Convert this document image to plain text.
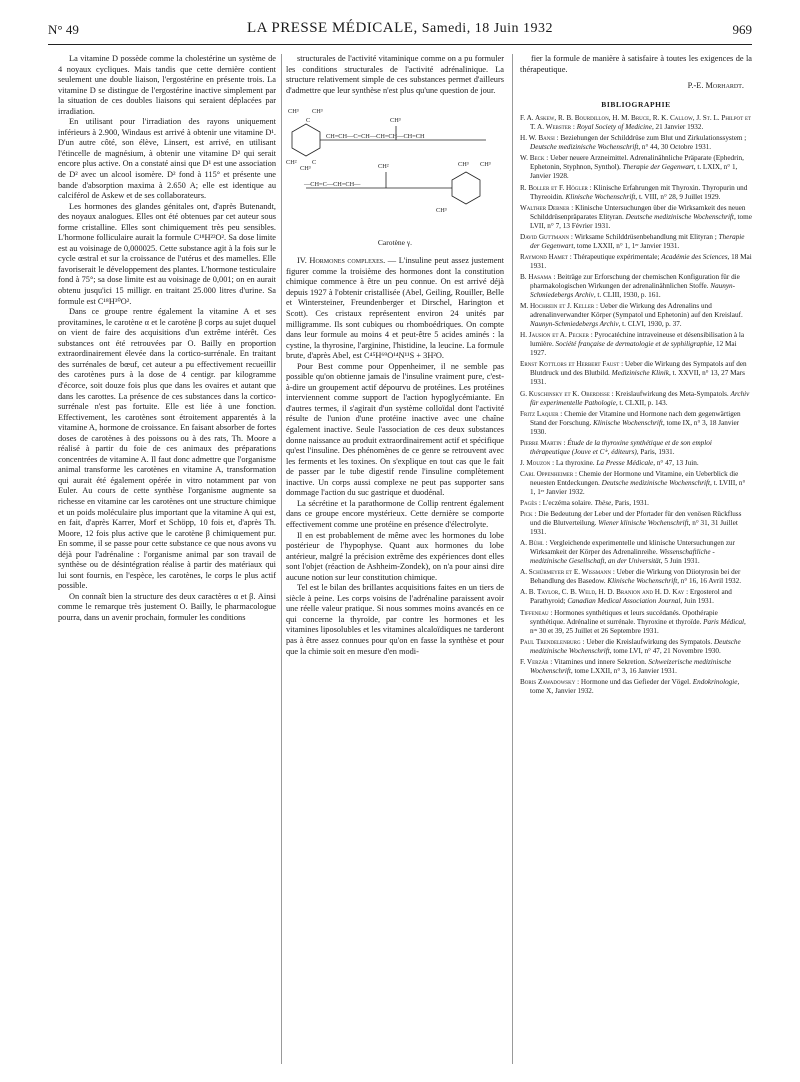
N° 49	LA PRESSE MÉDICALE, Samedi, 18 Juin 1932	969

La vitamine D possède comme la cholestérine un système de 4 noyaux cycliques. Mais tandis que cette dernière contient seulement une double liaison, l'ergostérine en présente trois. La vitamine D se distingue de l'ergostérine inactive simplement par la situation de ces doubles liaisons qui seraient déplacées par irradiation.

En utilisant pour l'irradiation des rayons uniquement inférieurs à 2.900, Windaus est arrivé à obtenir une vitamine D¹. D'un autre côté, son élève, Linsert, est arrivé, en utilisant l'étincelle de magnésium, à obtenir une vitamine D² qui serait encore plus active. On a constaté ainsi que D¹ est une association de D² avec un alcool isomère. D² fond à 115° et présente une bande d'absorption maxima à 2.650 A; elle est identique au calciférol de Askew et de ses collaborateurs.

Les hormones des glandes génitales ont, d'après Butenandt, des noyaux analogues. Elles ont été obtenues par cet auteur sous forme cristalline. Elles sont chimiquement très peu sensibles. L'hormone folliculaire aurait la formule C¹⁸H²²O². Sa dose limite est au voisinage de 0,000025. Cette substance agit à la fois sur le cycle œstral et sur la croissance de l'utérus et des mamelles. Elle favoriserait le développement des plantes. L'hormone testiculaire fond à 75°; sa dose limite est au voisinage de 0,001; on en aurait obtenu jusqu'ici 15 milligr. en traitant 25.000 litres d'urine. Sa formule est C¹⁸H³⁰O².

Dans ce groupe rentre également la vitamine A et ses provitamines, le carotène α et le carotène β corps au sujet duquel on vient de faire des acquisitions d'un extrême intérêt. Ces substances ont été retrouvées par O. Bailly en proportion extraordinairement élevée dans la cortico-surrénale. En traitant des surrénales de bœuf, cet auteur a pu effectivement recueillir des carotènes purs à la dose de 4 centigr. par kilogramme d'écorce, soit douze fois plus que dans les ovaires et autant que dans les carottes. La présence de ces substances dans la cortico-surrénale n'est pas fortuite. Elle est liée à une fonction. Effectivement, les carotènes sont étroitement apparentés à la vitamine A, hormone de croissance. En faisant absorber de fortes doses de carotènes à des poissons ou à des rats, Th. Moore a réalisé à partir du foie de ces animaux des préparations concentrées de vitamine A. Il faut donc admettre que l'organisme animal transforme les carotènes en vitamine A, transformation qui aurait été également opérée in vitro notamment par von Euler. Au cours de cette synthèse l'organisme augmente sa richesse en vitamine car les carotènes ont une structure chimique et un poids moléculaire plus important que la vitamine A qui est, en fait, d'après Karrer, Morf et Schöpp, 10 fois et, d'après Th. Moore, 12 fois plus active que le carotène β chimiquement pur. En somme, il se passe pour cette substance ce que nous avons vu déjà pour l'adrénaline : l'organisme animal par son travail de synthèse ou de désintégration réalise à partir des matériaux qui lui sont fournis, en l'espèce, les carotènes, le corps le plus actif possible.

On connaît bien la structure des deux caractères α et β. Ainsi comme le remarque très justement O. Bailly, le pharmacologue pourra, dans un avenir prochain, formuler les conditions

structurales de l'activité vitaminique comme on a pu formuler les conditions structurales de l'activité adrénalinique. La structure relativement simple de ces substances permet d'ailleurs d'admettre que leur synthèse n'est plus qu'une question de jour.

CH³ CH³
C	CH³
CH=CH—C=CH—CH=CH—CH=CH
CH² C
CH³	CH²	CH³ CH³
—CH=C—CH=CH—
CH³

Carotène γ.

IV. Hormones complexes. — L'insuline peut assez justement figurer comme la troisième des hormones dont la constitution chimique commence à être un peu connue. On est arrivé déjà depuis 1927 à l'obtenir cristallisée (Abel, Geiling, Rouiller, Belle et Wintersteiner, Freundenberger et Dirschel, Harington et Scott). Ces cristaux représentent environ 24 unités par milligramme. Ils sont cubiques ou rhomboédriques. On compte dans leur formule au moins 4 et peut-être 5 acides aminés : la cystine, la thyrosine, l'arginine, l'histidine, la leucine. La formule brute, d'après Abel, est C⁴⁵H⁶⁹O¹⁴N¹¹S + 3H²O.

Pour Best comme pour Oppenheimer, il ne semble pas possible qu'on obtienne jamais de l'insuline vraiment pure, c'est-à-dire un groupement actif dépourvu de protéines. Les protéines interviennent comme support de l'action hypoglycémiante. En d'autres termes, il s'agirait d'un système colloïdal dont l'activité résulte de l'union d'une protéine inactive avec une chaîne également inactive. Seule l'association de ces deux substances donne naissance au produit extraordinairement actif et spécifique qu'est l'insuline. Des phénomènes de ce genre se retrouvent avec les ferments et les toxines. On s'explique en tout cas que le fait de passer par le tube digestif rende l'insuline complètement inactive. Un corps aussi complexe ne peut pas supporter sans dommage l'action du suc gastrique et duodénal.

La sécrétine et la parathormone de Collip rentrent également dans ce groupe encore mystérieux. Cette dernière se comporte effectivement comme une protéine en présence d'électrolyte.

Il en est probablement de même avec les hormones du lobe postérieur de l'hypophyse. Quant aux hormones du lobe antérieur, malgré la précision extrême des expériences dont elles sont l'objet (réaction de Ashheim-Zondek), on n'a pour ainsi dire aucune notion sur leur constitution chimique.

Tel est le bilan des brillantes acquisitions faites en un tiers de siècle à peine. Les corps voisins de l'adrénaline paraissent avoir une réelle valeur pratique. Si nous sommes moins avancés en ce qui concerne la thyroïde, par contre les hormones et les vitamines liposolubles et les vitamines alcaloïdiques ne tarderont pas à être assez connues pour qu'on en fasse la synthèse et pour que la chimie soit en mesure d'en modi-

fier la formule de manière à satisfaire à toutes les exigences de la thérapeutique.

P.-E. Morhardt.

BIBLIOGRAPHIE

F. A. Askew, R. B. Bourdillon, H. M. Bruce, R. K. Callow, J. St. L. Philpot et T. A. Webster : Royal Society of Medicine, 21 Janvier 1932.

H. W. Bansi : Beziehungen der Schilddrüse zum Blut und Zirkulationssystem ; Deutsche medizinische Wochenschrift, n° 44, 30 Octobre 1931.

W. Beck : Ueber neuere Arzneimittel. Adrenalinähnliche Präparate (Ephedrin, Ephetonin, Styphnon, Synthol). Therapie der Gegenwart, t. LXIX, n° 1, Janvier 1928.

R. Boller et F. Högler : Klinische Erfahrungen mit Thyroxin. Thyropurin und Thyreoidin. Klinische Wochenschrift, t. VIII, n° 28, 9 Juillet 1929.

Walther Debner : Klinische Untersuchungen über die Wirksamkeit des neuen Schilddrüsenpräparates Elityran. Deutsche medizinische Wochenschrift, tome LVII, n° 7, 13 Février 1931.

David Guttmann : Wirksame Schilddrüsenbehandlung mit Elityran ; Therapie der Gegenwart, tome LXXII, n° 1, 1ᵉʳ Janvier 1931.

Raymond Hamet : Thérapeutique expérimentale; Académie des Sciences, 18 Mai 1931.

B. Hasama : Beiträge zur Erforschung der chemischen Konfiguration für die pharmakologischen Wirkungen der adrenalinähnlichen Stoffe. Naunyn-Schmiedebergs Archiv, t. CLIII, 1930, p. 161.

M. Hochrein et J. Keller : Ueber die Wirkung des Adrenalins und adrenalinverwandter Körper (Sympatol und Ephetonin) auf den Kreislauf. Naunyn-Schmiedebergs Archiv, t. CLVI, 1930, p. 37.

H. Jausion et A. Pecker : Pyrocatéchine intraveineuse et désensibilisation à la lumière. Société française de dermatologie et de syphiligraphie, 12 Mai 1927.

Ernst Kottlors et Herbert Faust : Ueber die Wirkung des Sympatols auf den Blutdruck und des Blutbild. Medizinische Klinik, t. XXVII, n° 13, 27 Mars 1931.

G. Kuschinsky et K. Oberdisse : Kreislaufwirkung des Meta-Sympatols. Archiv für experimentelle Pathologie, t. CLXII, p. 143.

Fritz Laquer : Chemie der Vitamine und Hormone nach dem gegenwärtigen Stand der Forschung. Klinische Wochenschrift, tome IX, n° 3, 18 Janvier 1930.

Pierre Martin : Étude de la thyroxine synthétique et de son emploi thérapeutique (Jouve et Cⁱᵉ, éditeurs), Paris, 1931.

J. Mouzon : La thyroxine. La Presse Médicale, n° 47, 13 Juin.

Carl Oppenheimer : Chemie der Hormone und Vitamine, ein Ueberblick die neuesten Entdeckungen. Deutsche medizinische Wochenschrift, t. LVIII, n° 1, 1ᵉʳ Janvier 1932.

Pagès : L'eczéma solaire. Thèse, Paris, 1931.

Pick : Die Bedeutung der Leber und der Pfortader für den venösen Rückfluss und die Blutverteilung. Wiener klinische Wochenschrift, n° 31, 31 Juillet 1931.

A. Bühl : Vergleichende experimentelle und klinische Untersuchungen zur Wirksamkeit der Körper des Adrenalinreihe. Wissenschaftliche - medizinische Gesellschaft, an der Universität, 5 Juin 1931.

A. Schürmeyer et E. Wissmann : Ueber die Wirkung von Diiotyrosin bei der Behandlung des Basedow. Klinische Wochenschrift, n° 16, 16 Avril 1932.

A. B. Taylor, C. B. Weld, H. D. Branion and H. D. Kay : Ergosterol and Parathyroid; Canadian Medical Association Journal, Juin 1931.

Tiffeneau : Hormones synthétiques et leurs succédanés. Opothérapie synthétique. Adrénaline et surrénale. Thyroxine et thyroïde. Paris Médical, nᵒˢ 30 et 39, 25 Juillet et 26 Septembre 1931.

Paul Trendelenburg : Ueber die Kreislaufwirkung des Sympatols. Deutsche medizinische Wochenschrift, tome LVI, n° 47, 21 Novembre 1930.

F. Verzár : Vitamines und innere Sekretion. Schweizerische medizinische Wochenschrift, tome LXXII, n° 3, 16 Janvier 1931.

Boris Zawadowsky : Hormone und das Gefieder der Vögel. Endokrinologie, tome X, Janvier 1932.
